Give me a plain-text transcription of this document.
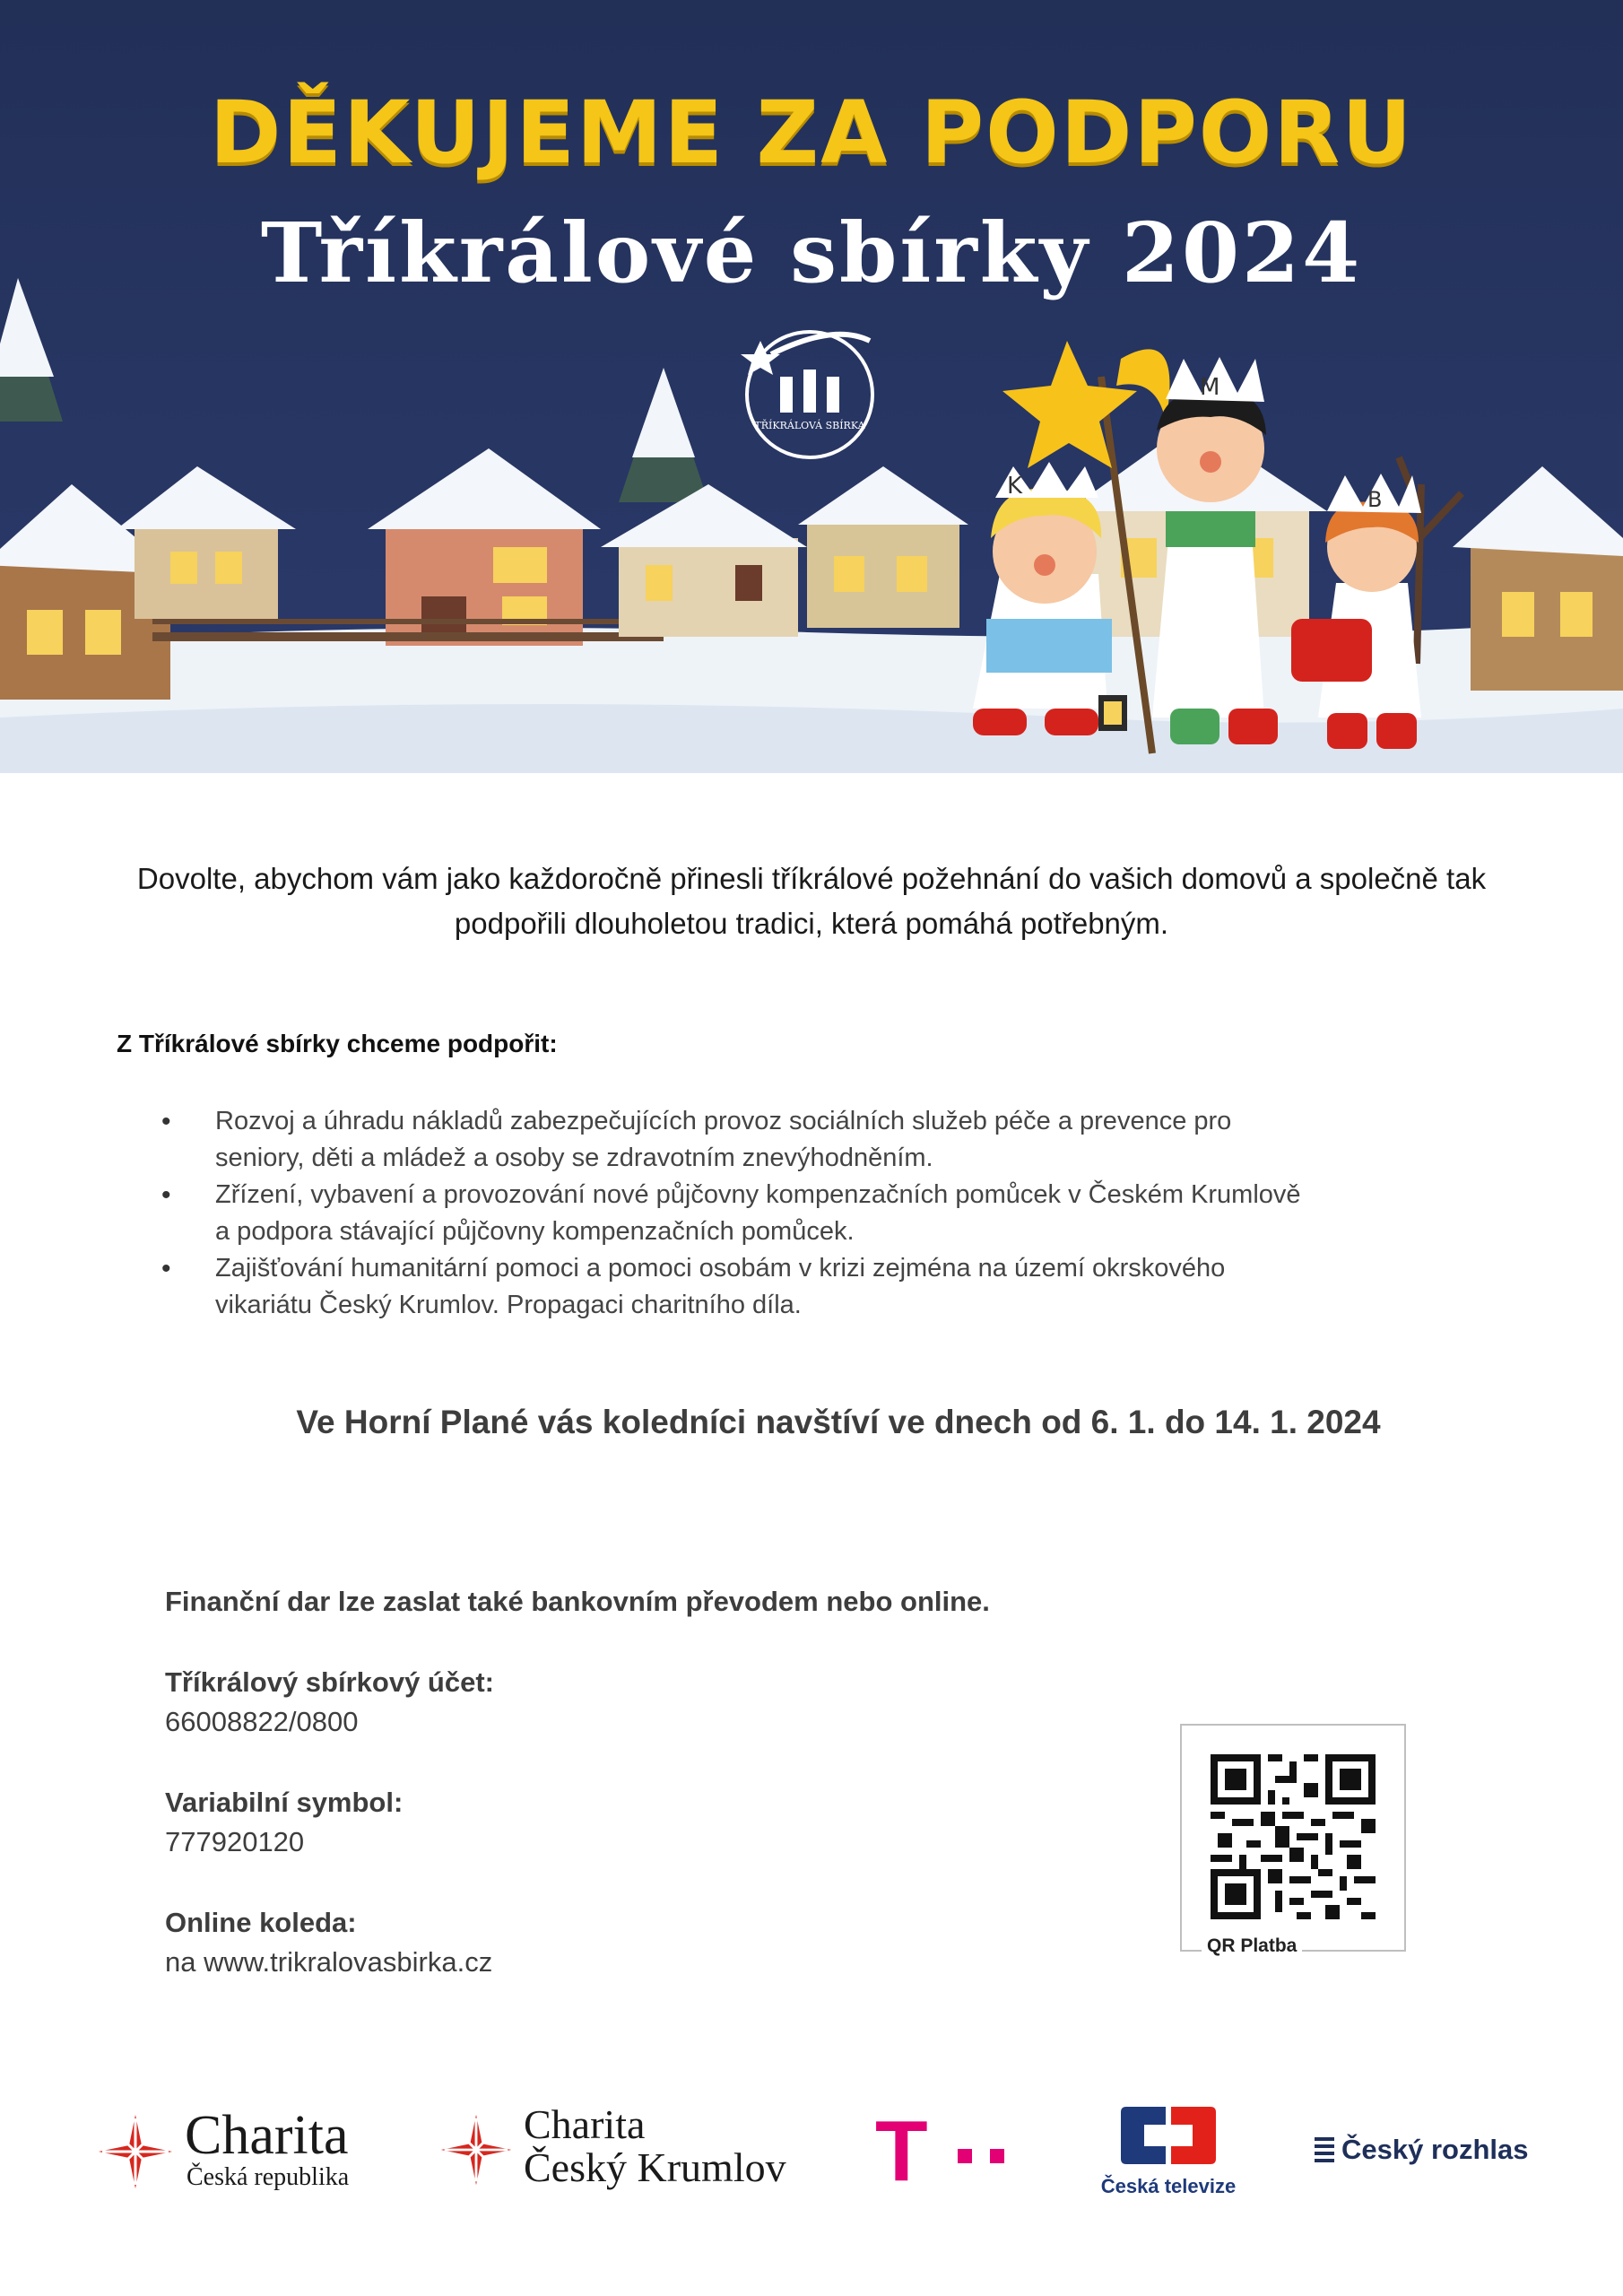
K
M
B
TŘÍKRÁLOVÁ SBÍRKA
DĚKUJEME ZA PODPORU
Tříkrálové sbírky 2024
Dovolte, abychom vám jako každoročně přinesli tříkrálové požehnání do vašich domovů a společně tak
podpořili dlouholetou tradici, která pomáhá potřebným.
Z Tříkrálové sbírky chceme podpořit:
• Rozvoj a úhradu nákladů zabezpečujících provoz sociálních služeb péče a prevence pro
seniory, děti a mládež a osoby se zdravotním znevýhodněním.
• Zřízení, vybavení a provozování nové půjčovny kompenzačních pomůcek v Českém Krumlově
a podpora stávající půjčovny kompenzačních pomůcek.
• Zajišťování humanitární pomoci a pomoci osobám v krizi zejména na území okrskového
vikariátu Český Krumlov. Propagaci charitního díla.
Ve Horní Plané vás koledníci navštíví ve dnech od 6. 1. do 14. 1. 2024
Finanční dar lze zaslat také bankovním převodem nebo online.
Tříkrálový sbírkový účet:
66008822/0800
Variabilní symbol:
777920120
Online koleda:
na www.trikralovasbirka.cz
QR Platba
Charita
Česká republika
Charita
Český Krumlov T	Česká televize
Český rozhlas
